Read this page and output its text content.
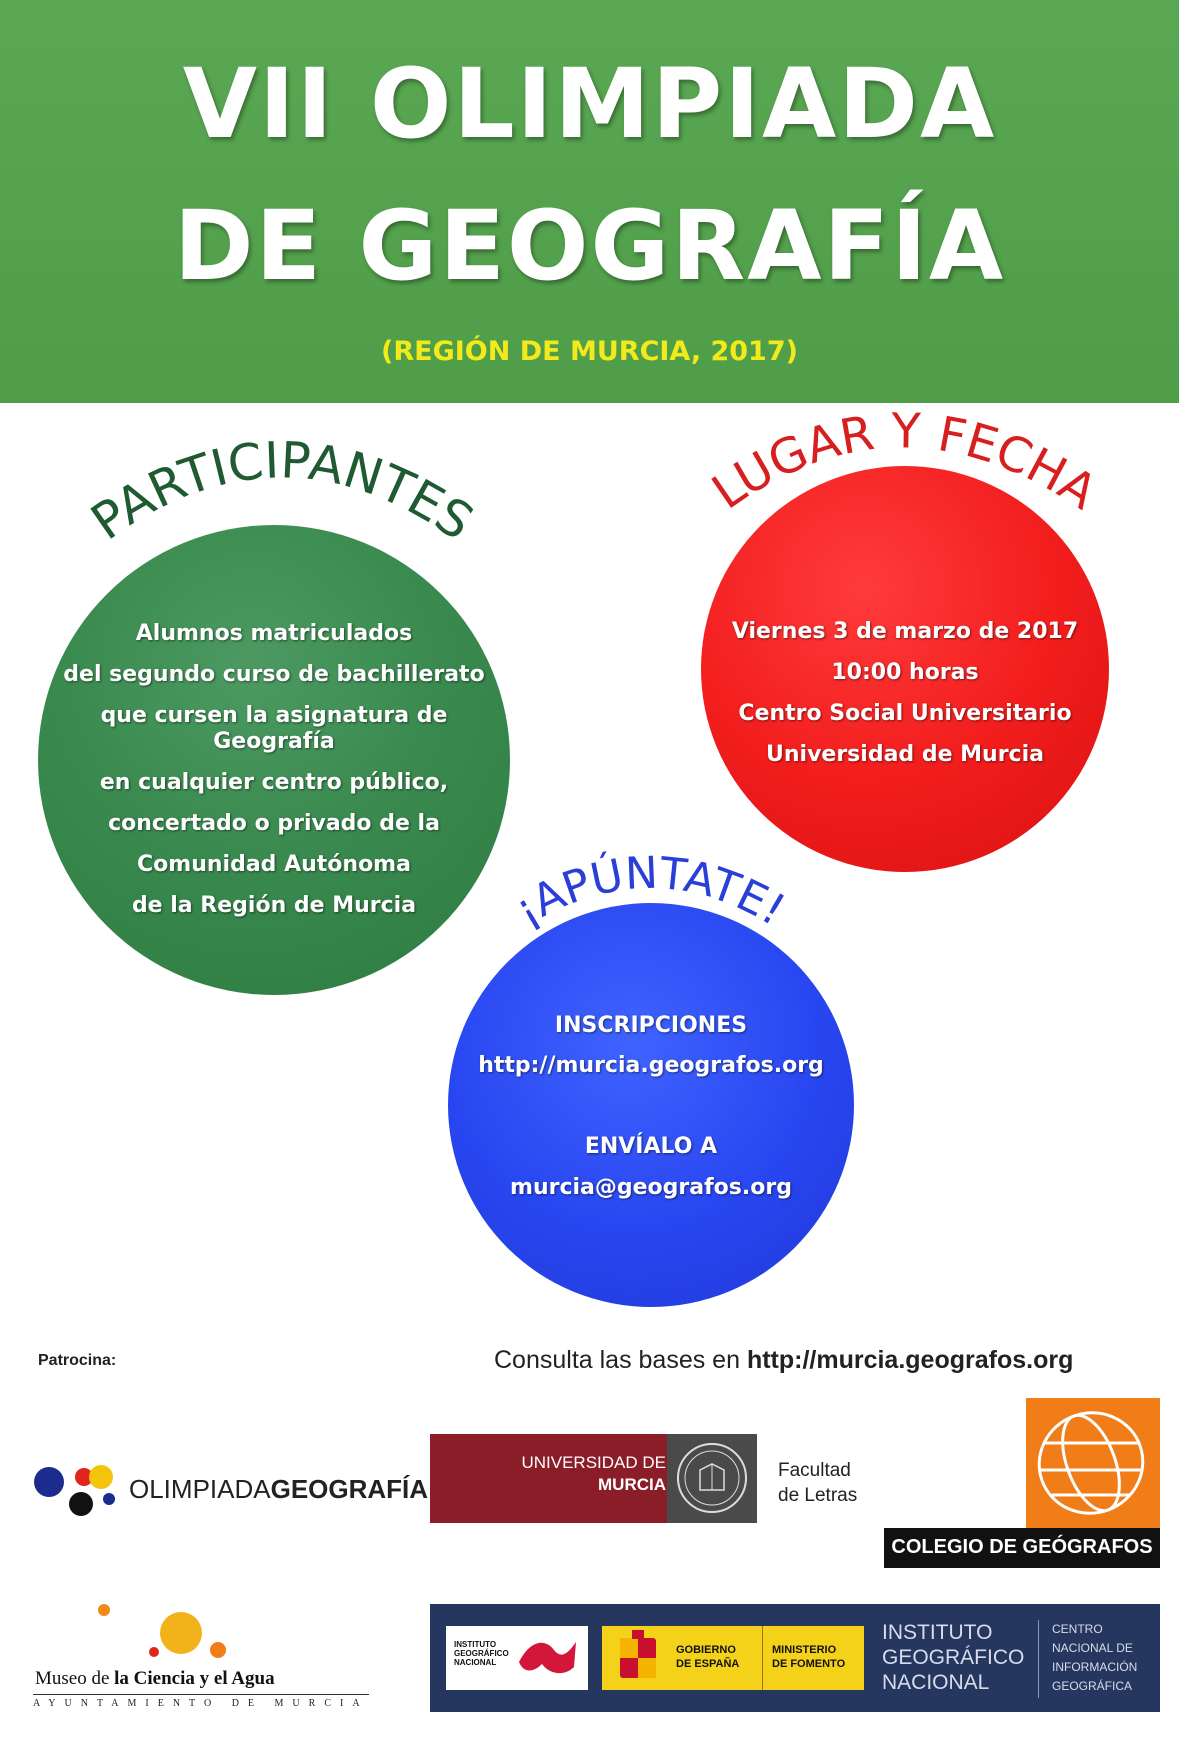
VII OLIMPIADA
DE GEOGRAFÍA
(REGIÓN DE MURCIA, 2017)
PARTICIPANTES	LUGAR Y FECHA
¡APÚNTATE!
Alumnos matriculados
del segundo curso de bachillerato
que cursen la asignatura de
Geografía
en cualquier centro público,
concertado o privado de la
Comunidad Autónoma
de la Región de Murcia
Viernes 3 de marzo de 2017
10:00 horas
Centro Social Universitario
Universidad de Murcia
INSCRIPCIONES
http://murcia.geografos.org
ENVÍALO A
murcia@geografos.org
Patrocina:	Consulta las bases en http://murcia.geografos.org
OLIMPIADAGEOGRAFÍA
UNIVERSIDAD DE
MURCIA
Facultad
de Letras
COLEGIO DE GEÓGRAFOS
Museo de la Ciencia y el Agua
AYUNTAMIENTO DE MURCIA
INSTITUTO
GEOGRÁFICO
NACIONAL
GOBIERNO
DE ESPAÑA
MINISTERIO
DE FOMENTO
INSTITUTO
GEOGRÁFICO
NACIONAL
CENTRO
NACIONAL DE
INFORMACIÓN
GEOGRÁFICA
